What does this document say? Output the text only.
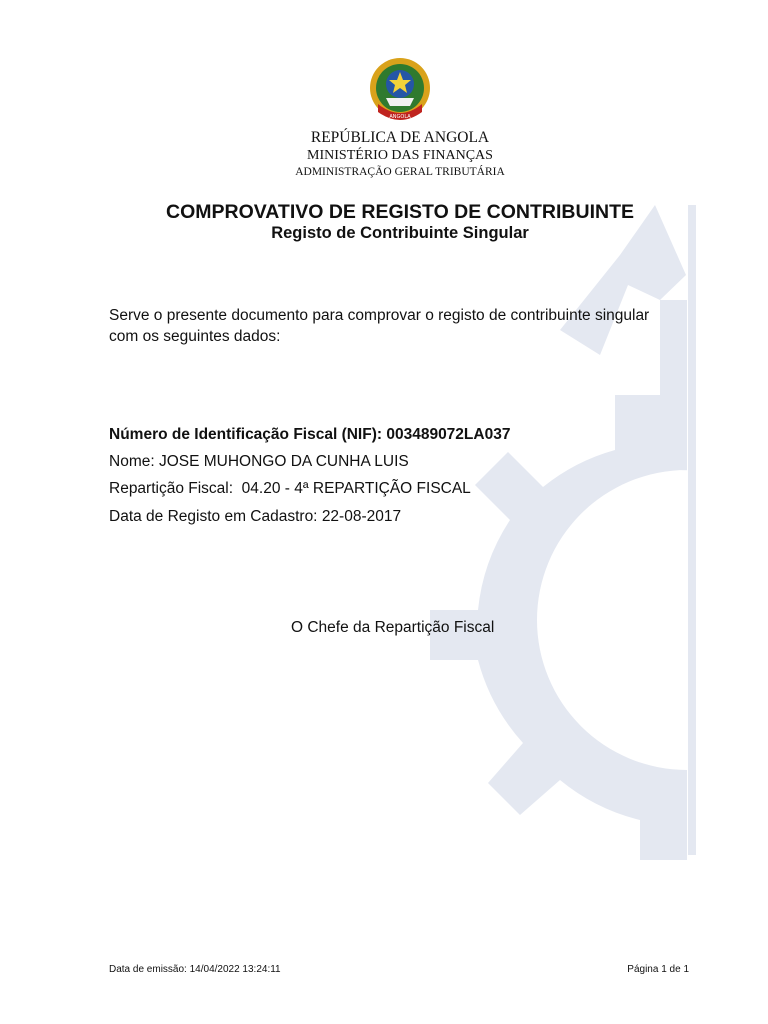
ANGOLA
REPÚBLICA DE ANGOLA
MINISTÉRIO DAS FINANÇAS
ADMINISTRAÇÃO GERAL TRIBUTÁRIA
COMPROVATIVO DE REGISTO DE CONTRIBUINTE
Registo de Contribuinte Singular

Serve o presente documento para comprovar o registo de contribuinte singular
com os seguintes dados:

Número de Identificação Fiscal (NIF): 003489072LA037
Nome: JOSE MUHONGO DA CUNHA LUIS
Repartição Fiscal: 04.20 - 4ª REPARTIÇÃO FISCAL
Data de Registo em Cadastro: 22-08-2017
O Chefe da Repartição Fiscal
Data de emissão: 14/04/2022 13:24:11	Página 1 de 1
